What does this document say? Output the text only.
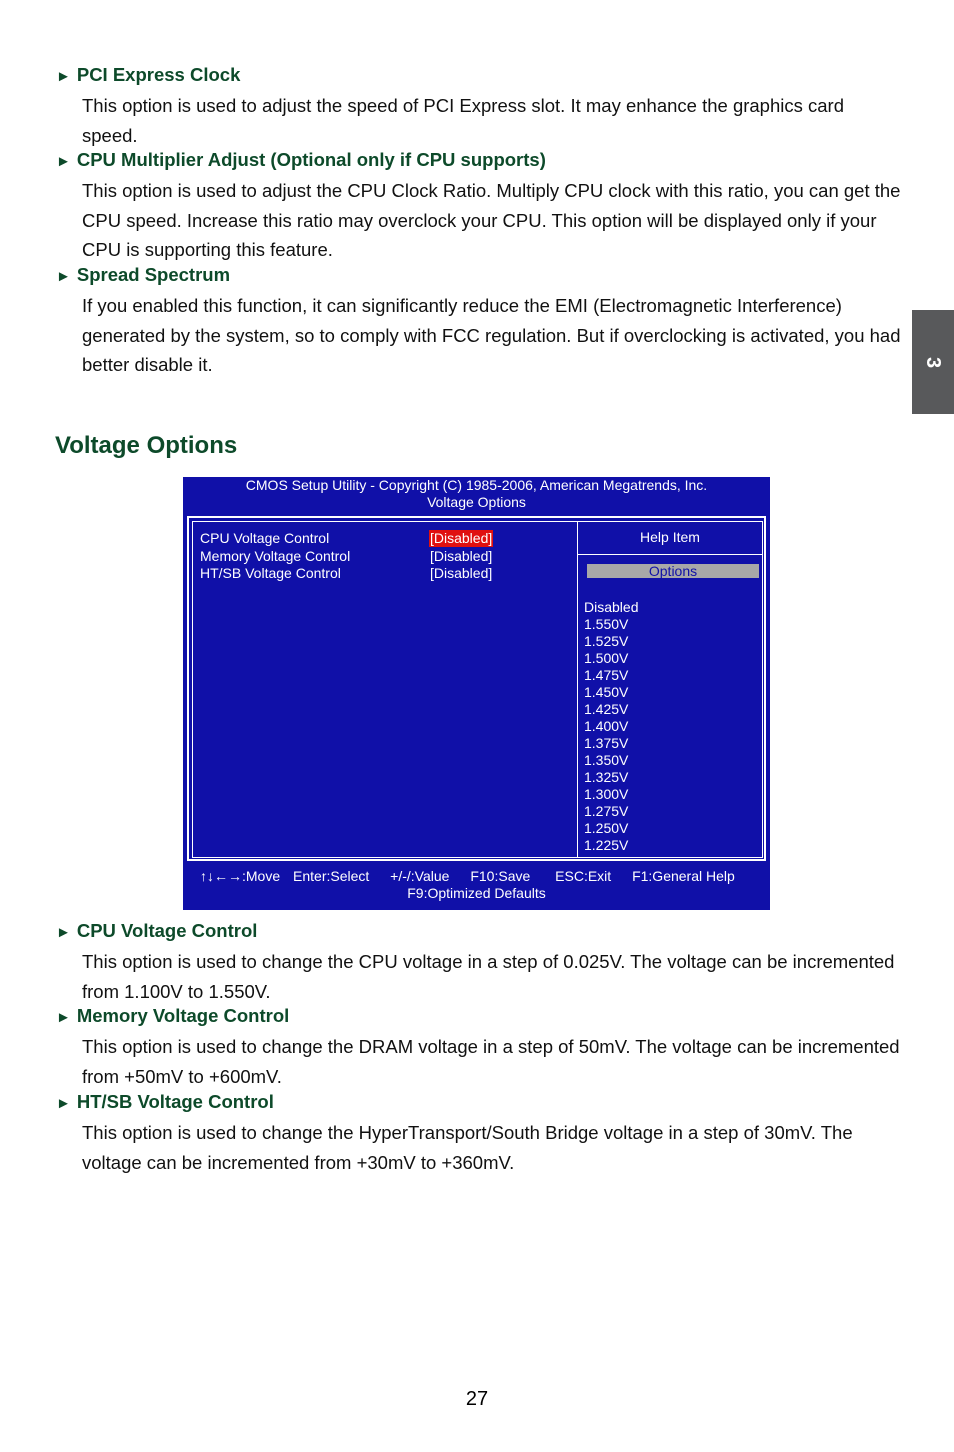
3
► PCI Express Clock
This option is used to adjust the speed of PCI Express slot. It may enhance the graphics card speed.
► CPU Multiplier Adjust (Optional only if CPU supports)
This option is used to adjust the CPU Clock Ratio. Multiply CPU clock with this ratio, you can get the CPU speed. Increase this ratio may overclock your CPU. This option will be displayed only if your CPU is supporting this feature.
► Spread Spectrum
If you enabled this function, it can significantly reduce the EMI (Electromagnetic Interference) generated by the system, so to comply with FCC regulation. But if overclocking is activated, you had better disable it.
Voltage Options
CMOS Setup Utility - Copyright (C) 1985-2006, American Megatrends, Inc.
Voltage Options
CPU Voltage Control	[Disabled]
Memory Voltage Control	[Disabled]
HT/SB Voltage Control	[Disabled]
Help Item
Options
Disabled
1.550V
1.525V
1.500V
1.475V
1.450V
1.425V
1.400V
1.375V
1.350V
1.325V
1.300V
1.275V
1.250V
1.225V
↑↓←→:Move Enter:Select +/-/:Value F10:Save ESC:Exit F1:General Help
F9:Optimized Defaults
► CPU Voltage Control
This option is used to change the CPU voltage in a step of 0.025V. The voltage can be incremented from 1.100V to 1.550V.
► Memory Voltage Control
This option is used to change the DRAM voltage in a step of 50mV. The voltage can be incremented from +50mV to +600mV.
► HT/SB Voltage Control
This option is used to change the HyperTransport/South Bridge voltage in a step of 30mV. The voltage can be incremented from +30mV to +360mV.
27
